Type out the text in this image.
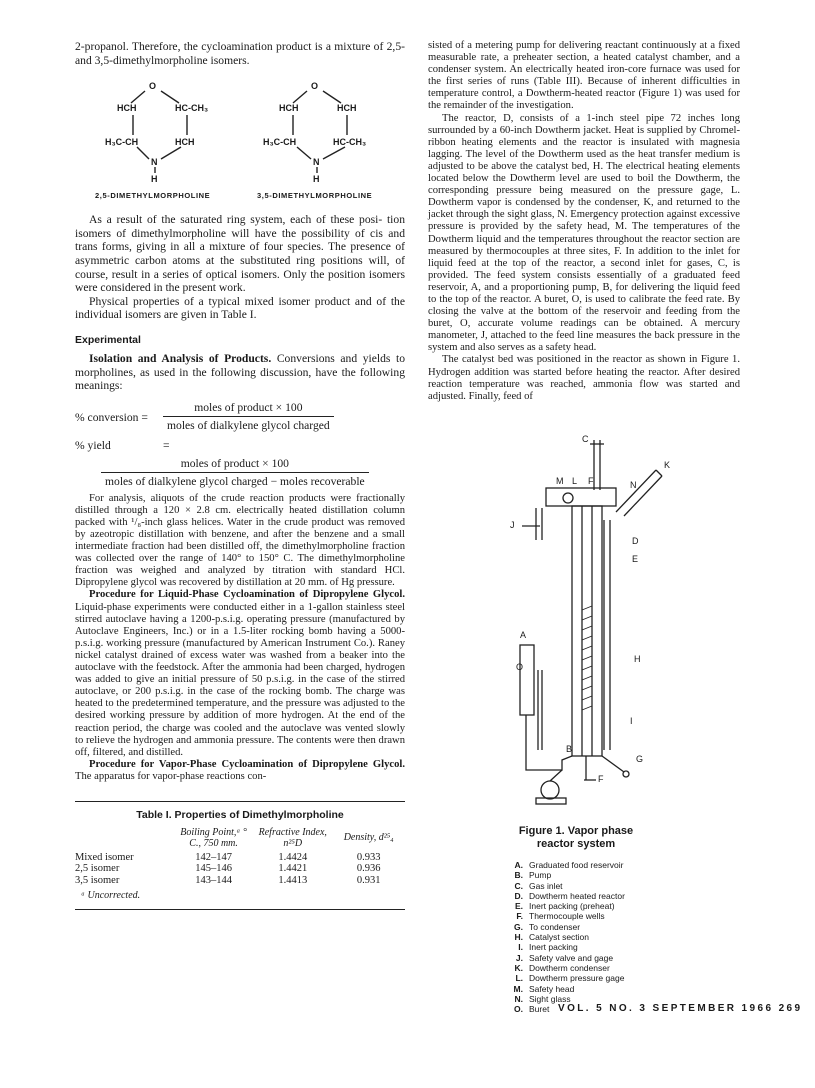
2-propanol. Therefore, the cycloamination product is a mixture of 2,5- and 3,5-dimethylmorpholine isomers.

O
HCH	HC-CH₃
H₃C-CH	HCH
N
H
O
HCH	HCH
H₃C-CH	HC-CH₃
N
H
2,5-DIMETHYLMORPHOLINE	3,5-DIMETHYLMORPHOLINE

As a result of the saturated ring system, each of these posi- tion isomers of dimethylmorpholine will have the possibility of cis and trans forms, giving in all a mixture of four species. The presence of asymmetric carbon atoms at the substituted ring positions will, of course, result in a series of optical isomers. Only the position isomers were considered in the present work.

Physical properties of a typical mixed isomer product and of the individual isomers are given in Table I.

Experimental

Isolation and Analysis of Products. Conversions and yields to morpholines, as used in the following discussion, have the following meanings:

% conversion =
moles of product × 100
moles of dialkylene glycol charged
% yield	=
moles of product × 100
moles of dialkylene glycol charged − moles recoverable

For analysis, aliquots of the crude reaction products were fractionally distilled through a 120 × 2.8 cm. electrically heated distillation column packed with ¹/₈-inch glass helices. Water in the crude product was removed by azeotropic distillation with benzene, and after the benzene and a small intermediate fraction had been distilled off, the dimethylmorpholine fraction was collected over the range of 140° to 150° C. The dimethylmorpholine fraction was weighed and analyzed by titration with standard HCl. Dipropylene glycol was recovered by distillation at 20 mm. of Hg pressure.

Procedure for Liquid-Phase Cycloamination of Dipropylene Glycol. Liquid-phase experiments were conducted either in a 1-gallon stainless steel stirred autoclave having a 1200-p.s.i.g. operating pressure (manufactured by Autoclave Engineers, Inc.) or in a 1.5-liter rocking bomb having a 5000-p.s.i.g. working pressure (manufactured by American Instrument Co.). Raney nickel catalyst drained of excess water was washed from a beaker into the autoclave with the feedstock. After the ammonia had been charged, hydrogen was added to give an initial pressure of 50 p.s.i.g. in the case of the stirred autoclave, or 200 p.s.i.g. in the case of the rocking bomb. The charge was heated to the predetermined temperature, and the pressure was adjusted to the desired working pressure by addition of more hydrogen. At the end of the reaction period, the charge was cooled and the autoclave was vented slowly to relieve the hydrogen and ammonia pressure. The contents were then drawn off, filtered, and distilled.

Procedure for Vapor-Phase Cycloamination of Dipropylene Glycol. The apparatus for vapor-phase reactions con-

Table I. Properties of Dimethylmorpholine
	Boiling Point,ᵃ ° C., 750 mm.	Refractive Index, n²⁵D	Density, d²⁵₄
Mixed isomer	142–147	1.4424	0.933
2,5 isomer	145–146	1.4421	0.936
3,5 isomer	143–144	1.4413	0.931
ᵃ Uncorrected.

sisted of a metering pump for delivering reactant continuously at a fixed measurable rate, a preheater section, a heated catalyst chamber, and a condenser system. An electrically heated iron-core furnace was used for the first series of runs (Table III). Because of inherent difficulties in temperature control, a Dowtherm-heated reactor (Figure 1) was used for the remainder of the investigation.

The reactor, D, consists of a 1-inch steel pipe 72 inches long surrounded by a 60-inch Dowtherm jacket. Heat is supplied by Chromel-ribbon heating elements and the reactor is insulated with magnesia lagging. The level of the Dowtherm used as the heat transfer medium is adjusted to be above the catalyst bed, H. The electrical heating elements located below the Dowtherm level are used to boil the Dowtherm, the corresponding pressure being measured on the pressure gage, L. Dowtherm vapor is condensed by the condenser, K, and returned to the jacket through the sight glass, N. Emergency protection against excessive pressure is provided by the safety head, M. The temperatures of the Dowtherm liquid and the temperatures throughout the reactor section are measured by thermocouples at three sites, F. In addition to the inlet for liquid feed at the top of the reactor, a second inlet for gases, C, is provided. The feed system consists essentially of a graduated feed reservoir, A, and a proportioning pump, B, for delivering the liquid feed to the top of the reactor. A buret, O, is used to calibrate the feed rate. By closing the valve at the bottom of the reservoir and feeding from the buret, O, accurate volume readings can be obtained. A mercury manometer, J, attached to the feed line measures the back pressure in the system and also serves as a safety head.

The catalyst bed was positioned in the reactor as shown in Figure 1. Hydrogen addition was started before heating the reactor. After desired reaction temperature was reached, ammonia flow was started and adjusted. Finally, feed of

C
K
N
M L F
J
D
E
A
H
O
I
B
G
F
Figure 1. Vapor phase reactor system
A. Graduated food reservoir
B. Pump
C. Gas inlet
D. Dowtherm heated reactor
E. Inert packing (preheat)
F. Thermocouple wells
G. To condenser
H. Catalyst section
I. Inert packing
J. Safety valve and gage
K. Dowtherm condenser
L. Dowtherm pressure gage
M. Safety head
N. Sight glass
O. Buret VOL. 5 NO. 3 SEPTEMBER 1966 269
